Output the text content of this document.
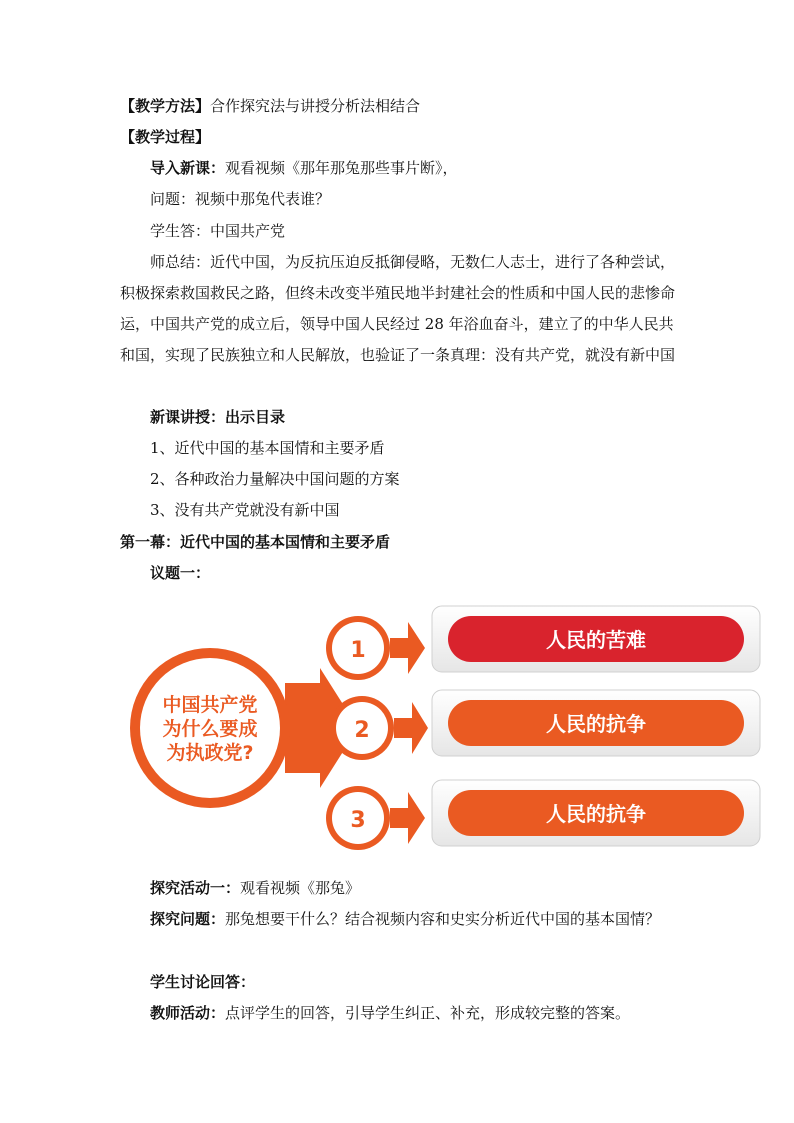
【教学方法】合作探究法与讲授分析法相结合
【教学过程】
导入新课：观看视频《那年那兔那些事片断》，
问题：视频中那兔代表谁？
学生答：中国共产党
师总结：近代中国，为反抗压迫反抵御侵略，无数仁人志士，进行了各种尝试，积极探索救国救民之路，但终未改变半殖民地半封建社会的性质和中国人民的悲惨命运，中国共产党的成立后，领导中国人民经过 28 年浴血奋斗，建立了的中华人民共和国，实现了民族独立和人民解放，也验证了一条真理：没有共产党，就没有新中国
新课讲授：出示目录
1、近代中国的基本国情和主要矛盾
2、各种政治力量解决中国问题的方案
3、没有共产党就没有新中国
第一幕：近代中国的基本国情和主要矛盾
议题一：
中国共产党
为什么要成
为执政党?
1	人民的苦难
2	人民的抗争
3	人民的抗争
探究活动一：观看视频《那兔》
探究问题：那兔想要干什么？结合视频内容和史实分析近代中国的基本国情？
学生讨论回答：
教师活动：点评学生的回答，引导学生纠正、补充，形成较完整的答案。
